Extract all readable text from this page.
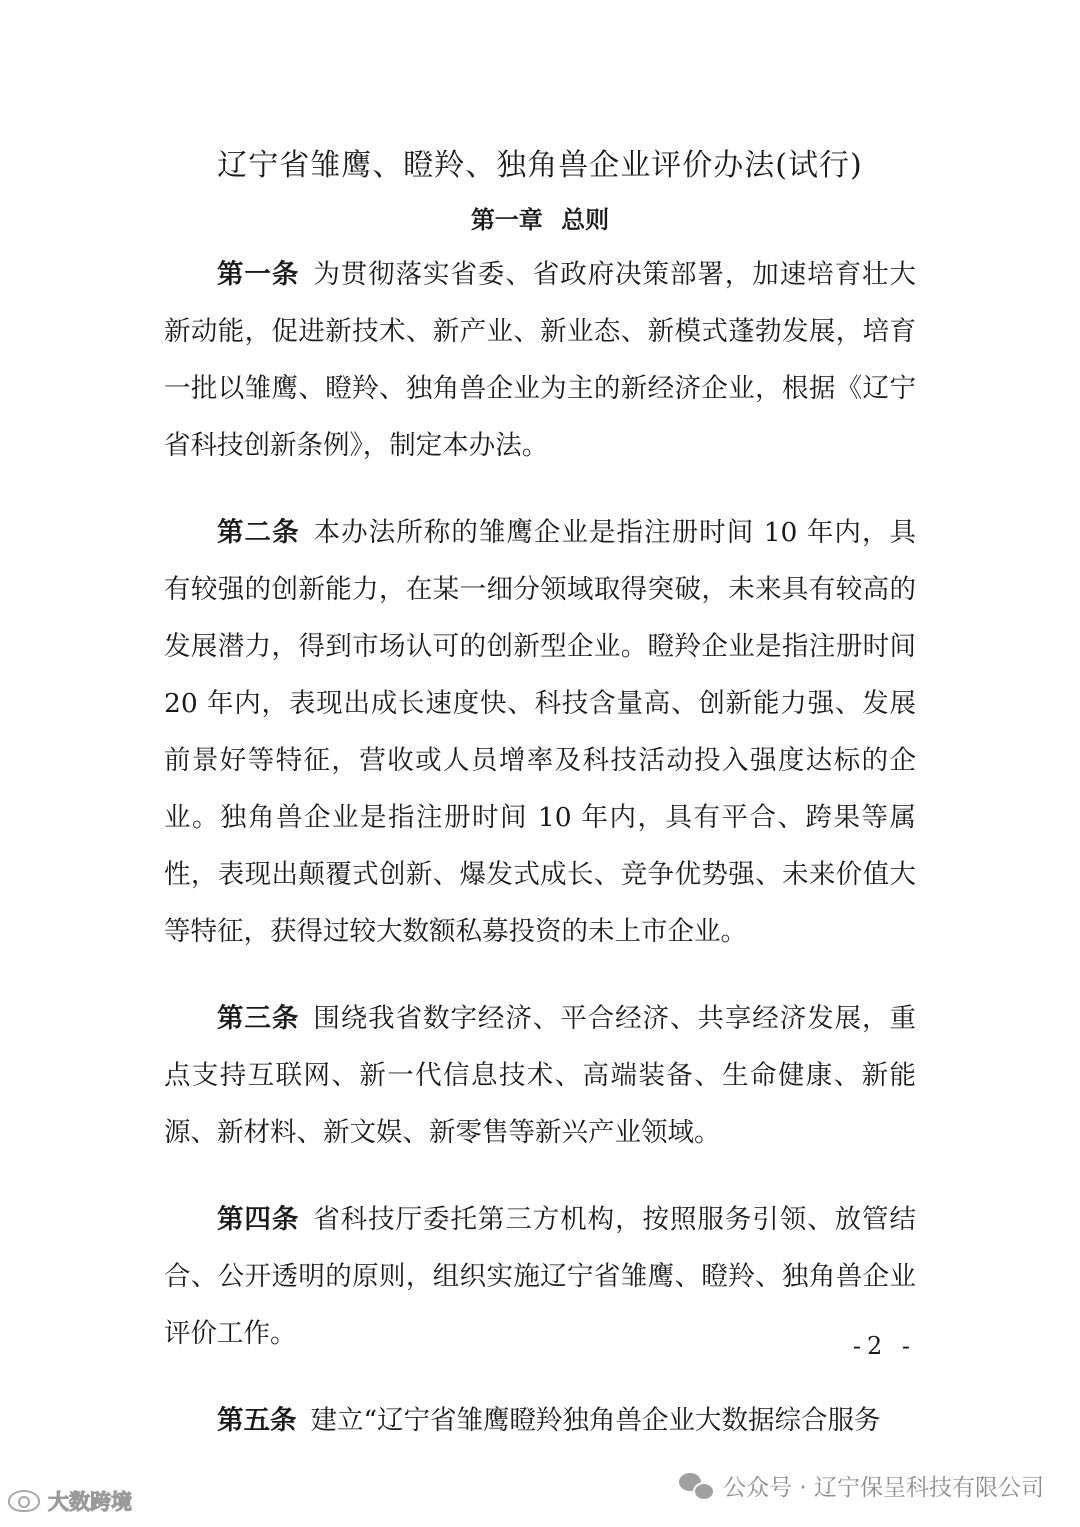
辽宁省雏鹰、瞪羚、独角兽企业评价办法(试行)
第一章 总则

第一条 为贯彻落实省委、省政府决策部署，加速培育壮大新动能，促进新技术、新产业、新业态、新模式蓬勃发展，培育一批以雏鹰、瞪羚、独角兽企业为主的新经济企业，根据《辽宁省科技创新条例》，制定本办法。

第二条 本办法所称的雏鹰企业是指注册时间 10 年内，具有较强的创新能力，在某一细分领域取得突破，未来具有较高的发展潜力，得到市场认可的创新型企业。瞪羚企业是指注册时间 20 年内，表现出成长速度快、科技含量高、创新能力强、发展前景好等特征，营收或人员增率及科技活动投入强度达标的企业。独角兽企业是指注册时间 10 年内，具有平合、跨果等属性，表现出颠覆式创新、爆发式成长、竞争优势强、未来价值大等特征，获得过较大数额私募投资的未上市企业。

第三条 围绕我省数字经济、平合经济、共享经济发展，重点支持互联网、新一代信息技术、高端装备、生命健康、新能源、新材料、新文娱、新零售等新兴产业领域。

第四条 省科技厅委托第三方机构，按照服务引领、放管结合、公开透明的原则，组织实施辽宁省雏鹰、瞪羚、独角兽企业评价工作。

第五条 建立“辽宁省雏鹰瞪羚独角兽企业大数据综合服务

-2 -
公众号 · 辽宁保呈科技有限公司
大数跨境
